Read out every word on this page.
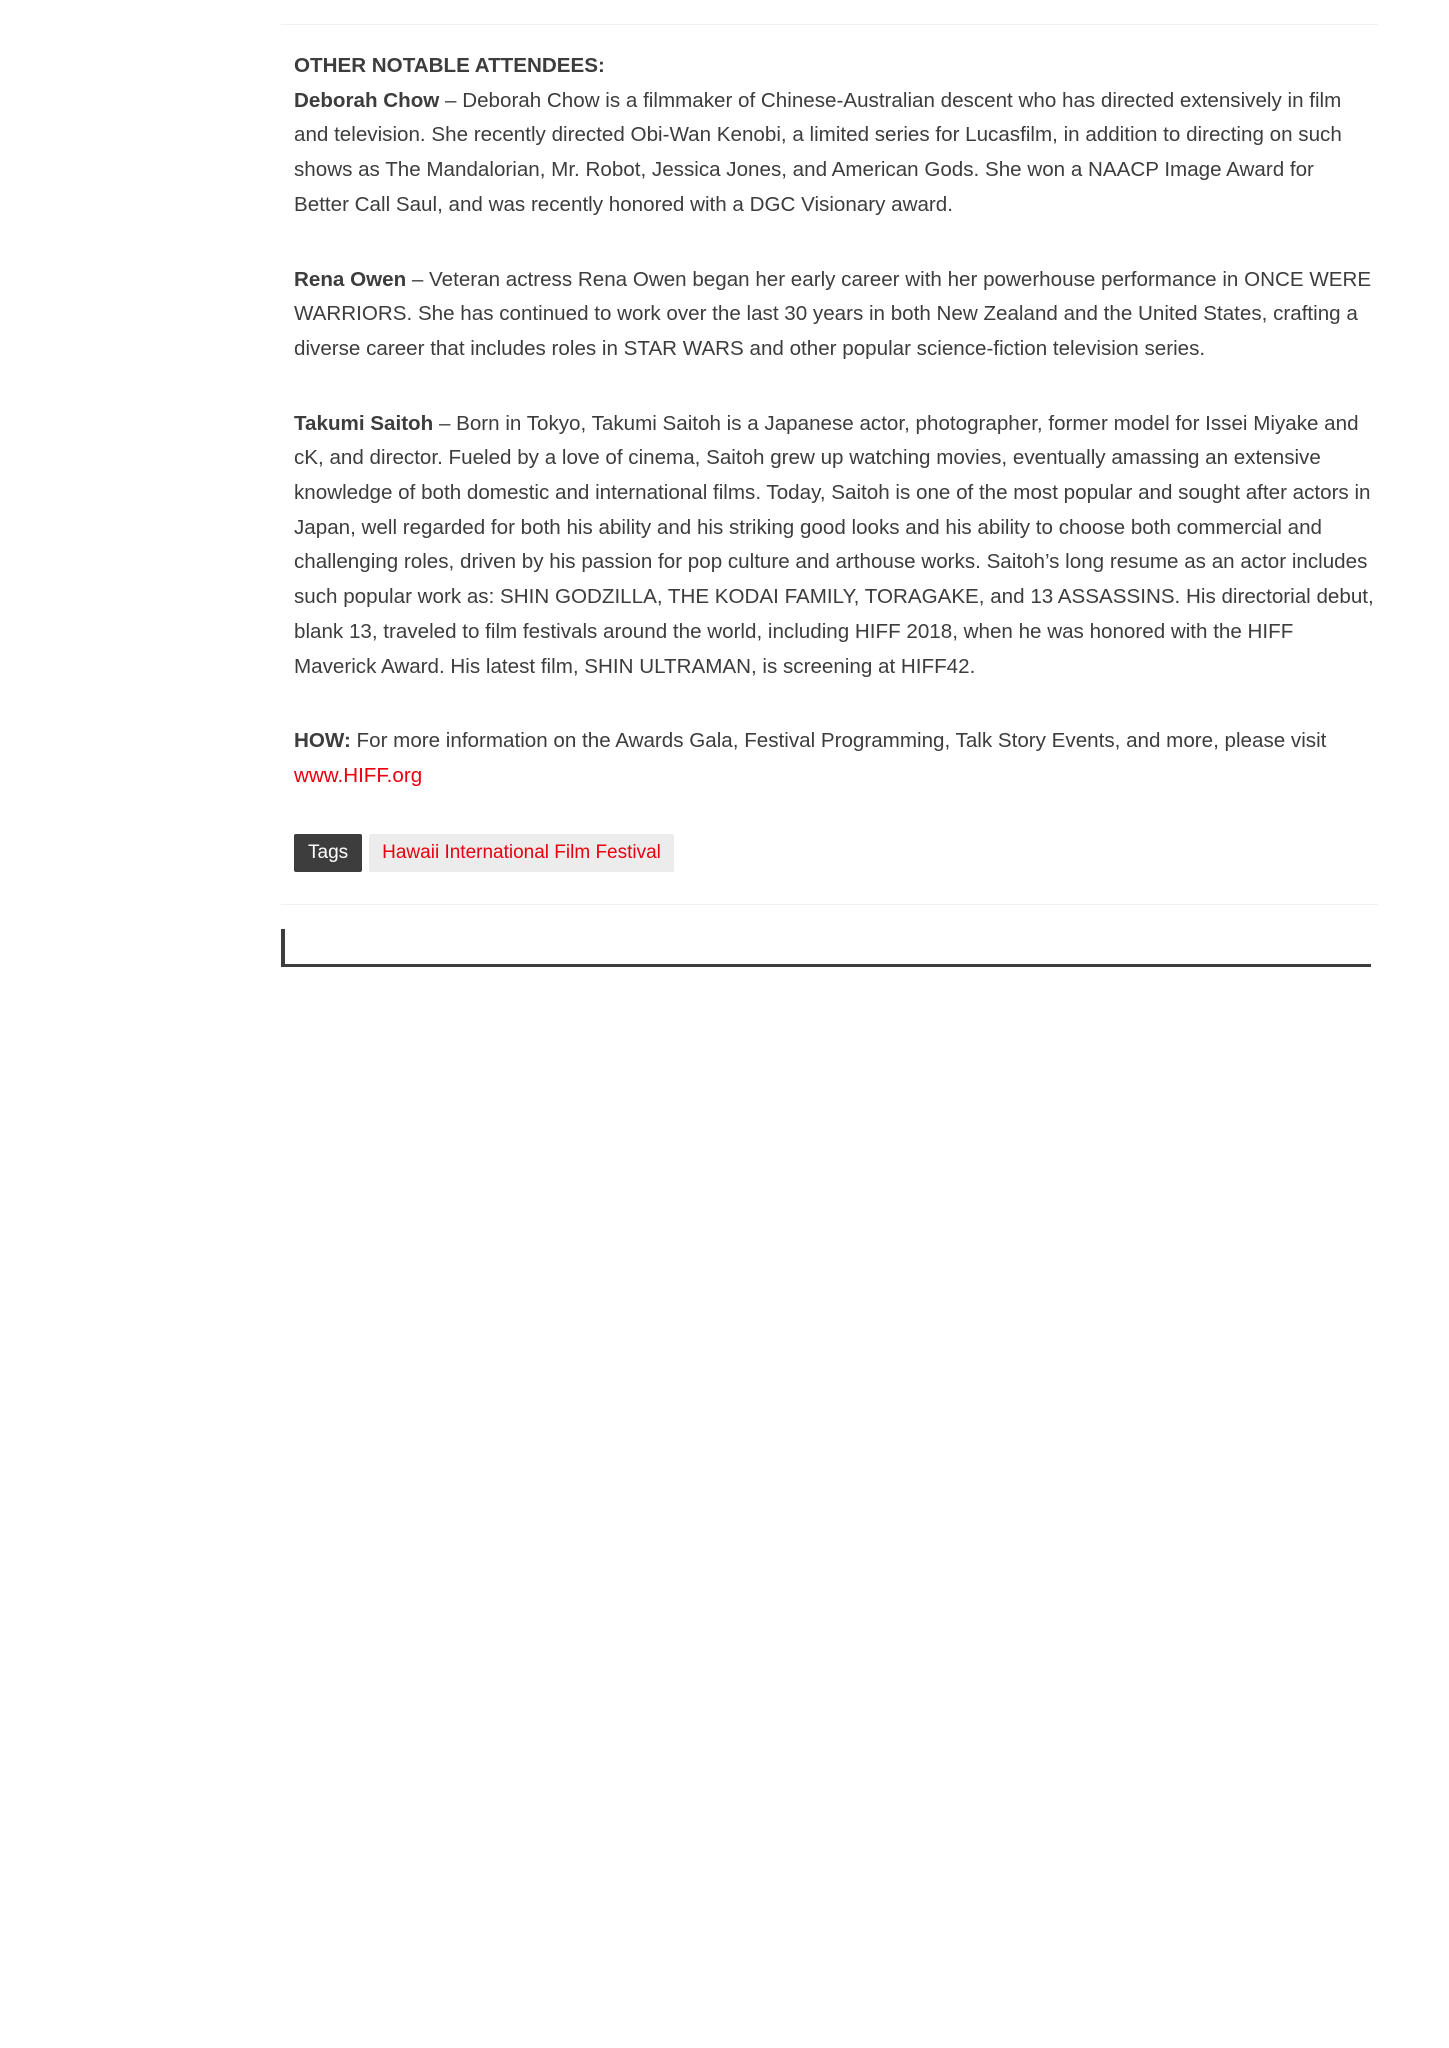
OTHER NOTABLE ATTENDEES:

Deborah Chow – Deborah Chow is a filmmaker of Chinese-Australian descent who has directed extensively in film and television. She recently directed Obi-Wan Kenobi, a limited series for Lucasfilm, in addition to directing on such shows as The Mandalorian, Mr. Robot, Jessica Jones, and American Gods. She won a NAACP Image Award for Better Call Saul, and was recently honored with a DGC Visionary award.

Rena Owen – Veteran actress Rena Owen began her early career with her powerhouse performance in ONCE WERE WARRIORS. She has continued to work over the last 30 years in both New Zealand and the United States, crafting a diverse career that includes roles in STAR WARS and other popular science-fiction television series.

Takumi Saitoh – Born in Tokyo, Takumi Saitoh is a Japanese actor, photographer, former model for Issei Miyake and cK, and director. Fueled by a love of cinema, Saitoh grew up watching movies, eventually amassing an extensive knowledge of both domestic and international films. Today, Saitoh is one of the most popular and sought after actors in Japan, well regarded for both his ability and his striking good looks and his ability to choose both commercial and challenging roles, driven by his passion for pop culture and arthouse works. Saitoh’s long resume as an actor includes such popular work as: SHIN GODZILLA, THE KODAI FAMILY, TORAGAKE, and 13 ASSASSINS. His directorial debut, blank 13, traveled to film festivals around the world, including HIFF 2018, when he was honored with the HIFF Maverick Award. His latest film, SHIN ULTRAMAN, is screening at HIFF42.

HOW: For more information on the Awards Gala, Festival Programming, Talk Story Events, and more, please visit www.HIFF.org

Tags	Hawaii International Film Festival
